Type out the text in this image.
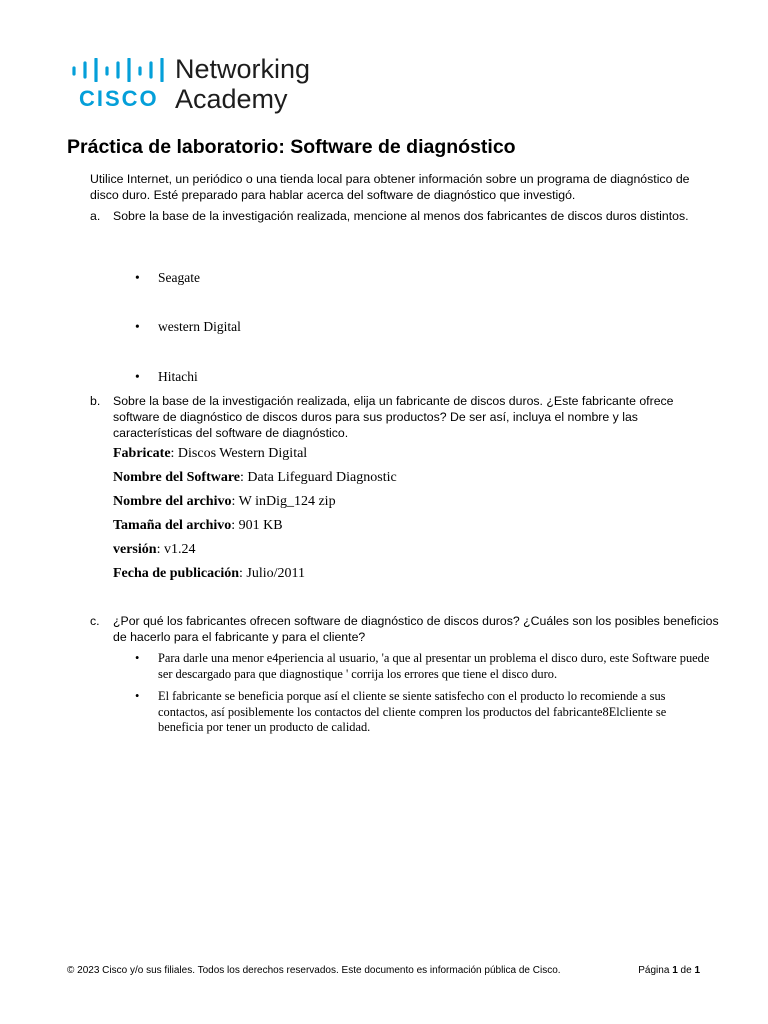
CISCO
Networking
Academy
Práctica de laboratorio: Software de diagnóstico
Utilice Internet, un periódico o una tienda local para obtener información sobre un programa de diagnóstico de disco duro. Esté preparado para hablar acerca del software de diagnóstico que investigó.
a. Sobre la base de la investigación realizada, mencione al menos dos fabricantes de discos duros distintos.
• Seagate
• western Digital
• Hitachi
b. Sobre la base de la investigación realizada, elija un fabricante de discos duros. ¿Este fabricante ofrece software de diagnóstico de discos duros para sus productos? De ser así, incluya el nombre y las características del software de diagnóstico.
Fabricate: Discos Western Digital
Nombre del Software: Data Lifeguard Diagnostic
Nombre del archivo: W inDig_124 zip
Tamaña del archivo: 901 KB
versión: v1.24
Fecha de publicación: Julio/2011
c. ¿Por qué los fabricantes ofrecen software de diagnóstico de discos duros? ¿Cuáles son los posibles beneficios de hacerlo para el fabricante y para el cliente?
• Para darle una menor e4periencia al usuario, 'a que al presentar un problema el disco duro, este Software puede ser descargado para que diagnostique ' corrija los errores que tiene el disco duro.
• El fabricante se beneficia porque así el cliente se siente satisfecho con el producto lo recomiende a sus contactos, así posiblemente los contactos del cliente compren los productos del fabricante8Elcliente se beneficia por tener un producto de calidad.
© 2023 Cisco y/o sus filiales. Todos los derechos reservados. Este documento es información pública de Cisco.	Página 1 de 1
